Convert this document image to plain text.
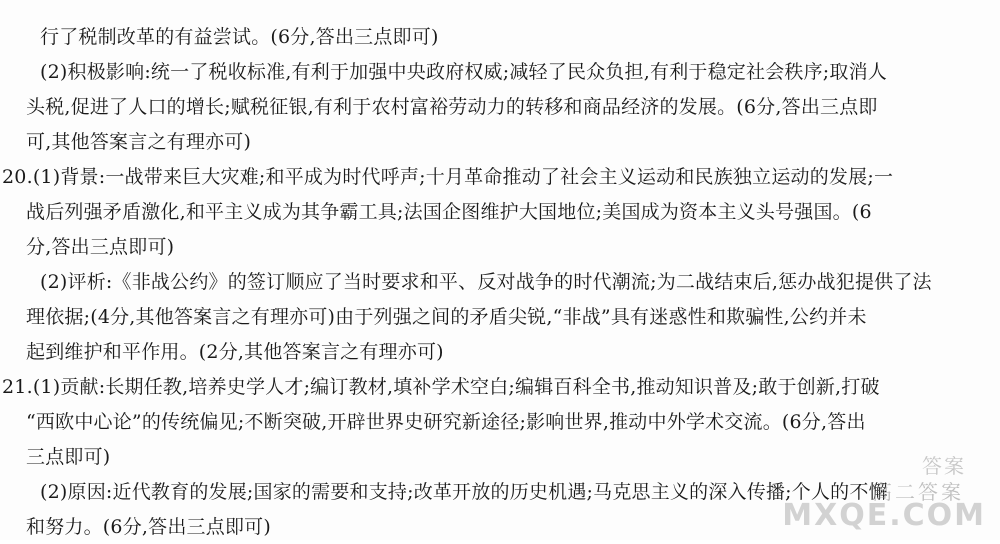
行了税制改革的有益尝试。(6分,答出三点即可)
(2)积极影响:统一了税收标准,有利于加强中央政府权威;减轻了民众负担,有利于稳定社会秩序;取消人
头税,促进了人口的增长;赋税征银,有利于农村富裕劳动力的转移和商品经济的发展。(6分,答出三点即
可,其他答案言之有理亦可)
20.(1)背景:一战带来巨大灾难;和平成为时代呼声;十月革命推动了社会主义运动和民族独立运动的发展;一
战后列强矛盾激化,和平主义成为其争霸工具;法国企图维护大国地位;美国成为资本主义头号强国。(6
分,答出三点即可)
(2)评析:《非战公约》的签订顺应了当时要求和平、反对战争的时代潮流;为二战结束后,惩办战犯提供了法
理依据;(4分,其他答案言之有理亦可)由于列强之间的矛盾尖锐,“非战”具有迷惑性和欺骗性,公约并未
起到维护和平作用。(2分,其他答案言之有理亦可)
21.(1)贡献:长期任教,培养史学人才;编订教材,填补学术空白;编辑百科全书,推动知识普及;敢于创新,打破
“西欧中心论”的传统偏见;不断突破,开辟世界史研究新途径;影响世界,推动中外学术交流。(6分,答出
三点即可)
(2)原因:近代教育的发展;国家的需要和支持;改革开放的历史机遇;马克思主义的深入传播;个人的不懈
和努力。(6分,答出三点即可)
答案
高二答案
MXQE.COM
